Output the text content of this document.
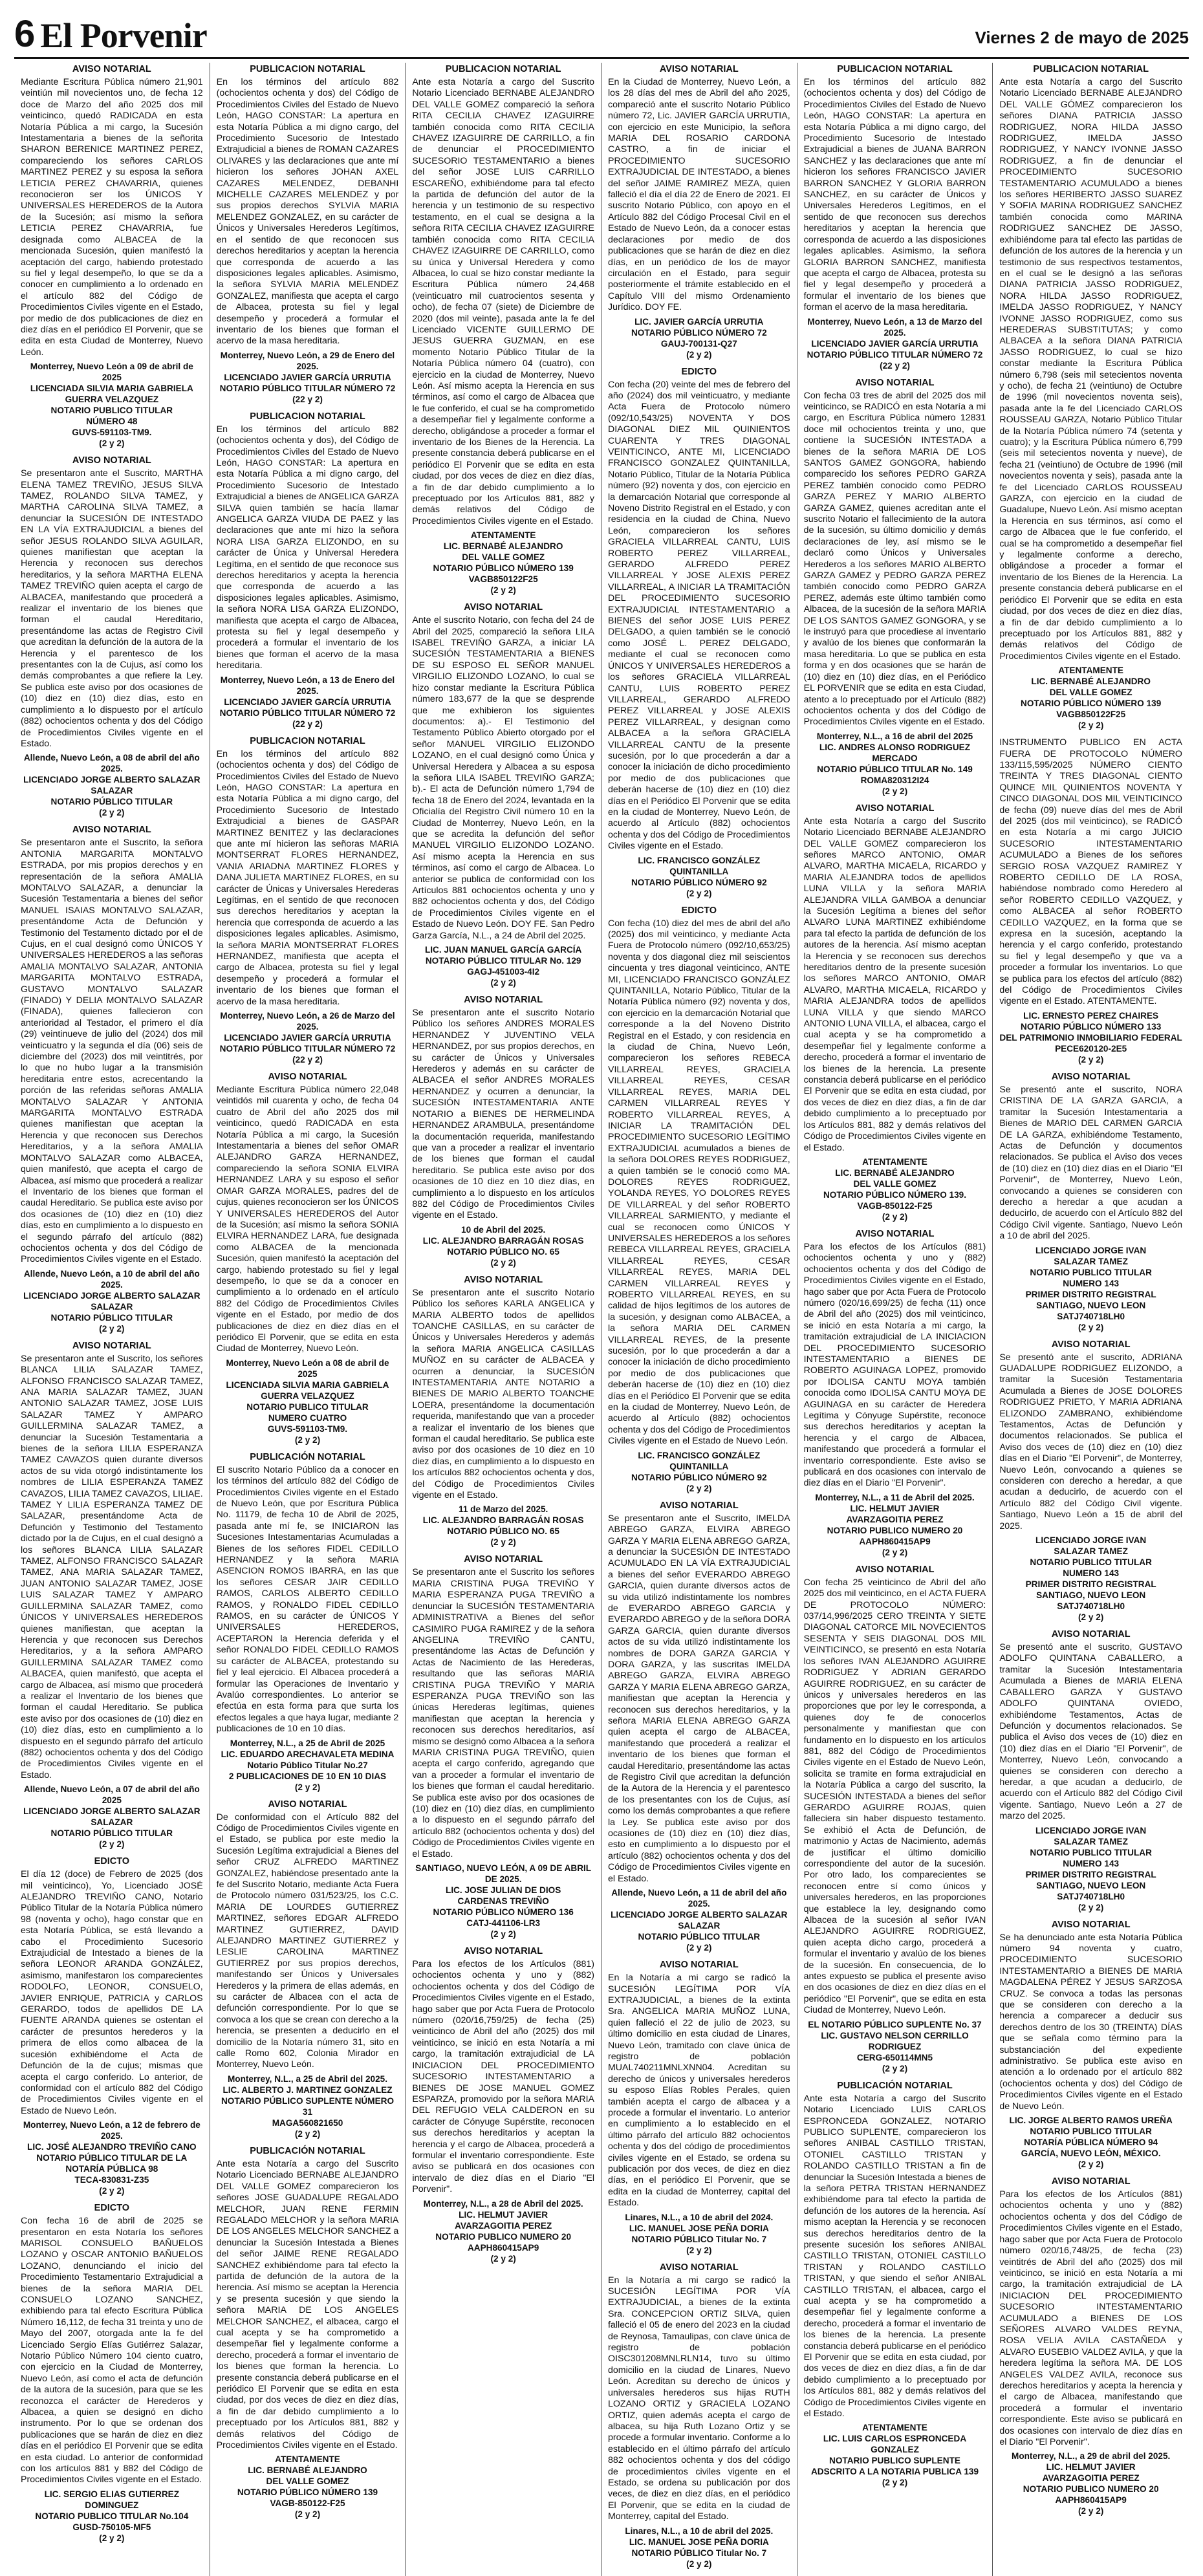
6 El Porvenir	Viernes 2 de mayo de 2025
AVISO NOTARIAL

Mediante Escritura Pública número 21,901 veintiún mil novecientos uno, de fecha 12 doce de Marzo del año 2025 dos mil veinticinco, quedó RADICADA en esta Notaría Pública a mi cargo, la Sucesión Intestamentaria a bienes de la señorita SHARON BERENICE MARTINEZ PEREZ, compareciendo los señores CARLOS MARTINEZ PEREZ y su esposa la señora LETICIA PEREZ CHAVARRIA, quienes reconocieron ser los ÚNICOS Y UNIVERSALES HEREDEROS de la Autora de la Sucesión; así mismo la señora LETICIA PEREZ CHAVARRIA, fue designada como ALBACEA de la mencionada Sucesión, quien manifestó la aceptación del cargo, habiendo protestado su fiel y legal desempeño, lo que se da a conocer en cumplimiento a lo ordenado en el artículo 882 del Código de Procedimientos Civiles vigente en el Estado, por medio de dos publicaciones de diez en diez días en el periódico El Porvenir, que se edita en esta Ciudad de Monterrey, Nuevo León.

Monterrey, Nuevo León a 09 de abril de 2025
LICENCIADA SILVIA MARIA GABRIELA
GUERRA VELAZQUEZ
NOTARIO PUBLICO TITULAR
NÚMERO 48
GUVS-591103-TM9.
(2 y 2)
AVISO NOTARIAL

Se presentaron ante el Suscrito, MARTHA ELENA TAMEZ TREVIÑO, JESUS SILVA TAMEZ, ROLANDO SILVA TAMEZ, y MARTHA CAROLINA SILVA TAMEZ, a denunciar la SUCESIÓN DE INTESTADO EN LA VÍA EXTRAJUDICIAL a bienes del señor JESUS ROLANDO SILVA AGUILAR, quienes manifiestan que aceptan la Herencia y reconocen sus derechos hereditarios, y la señora MARTHA ELENA TAMEZ TREVIÑO quien acepta el cargo de ALBACEA, manifestando que procederá a realizar el inventario de los bienes que forman el caudal Hereditario, presentándome las actas de Registro Civil que acreditan la defunción de la autora de la Herencia y el parentesco de los presentantes con la de Cujus, así como los demás comprobantes a que refiere la Ley. Se publica este aviso por dos ocasiones de (10) diez en (10) diez días, esto en cumplimiento a lo dispuesto por el artículo (882) ochocientos ochenta y dos del Código de Procedimientos Civiles vigente en el Estado.

Allende, Nuevo León, a 08 de abril del año 2025.
LICENCIADO JORGE ALBERTO SALAZAR
SALAZAR
NOTARIO PÚBLICO TITULAR
(2 y 2)
AVISO NOTARIAL

Se presentaron ante el Suscrito, la señora ANTONIA MARGARITA MONTALVO ESTRADA, por mis propios derechos y en representación de la señora AMALIA MONTALVO SALAZAR, a denunciar la Sucesión Testamentaria a bienes del señor MANUEL ISAIAS MONTALVO SALAZAR, presentándome Acta de Defunción y Testimonio del Testamento dictado por el de Cujus, en el cual designó como ÚNICOS Y UNIVERSALES HEREDEROS a las señoras AMALIA MONTALVO SALAZAR, ANTONIA MARGARITA MONTALVO ESTRADA, GUSTAVO MONTALVO SALAZAR (FINADO) Y DELIA MONTALVO SALAZAR (FINADA), quienes fallecieron con anterioridad al Testador, el primero el día (29) veintinueve de julio del (2024) dos mil veinticuatro y la segunda el día (06) seis de diciembre del (2023) dos mil veintitrés, por lo que no hubo lugar a la transmisión hereditaria entre estos, acrecentando la porción de las referidas señoras AMALIA MONTALVO SALAZAR Y ANTONIA MARGARITA MONTALVO ESTRADA quienes manifiestan que aceptan la Herencia y que reconocen sus Derechos Hereditarios, y a la señora AMALIA MONTALVO SALAZAR como ALBACEA, quien manifestó, que acepta el cargo de Albacea, así mismo que procederá a realizar el Inventario de los bienes que forman el caudal Hereditario. Se publica este aviso por dos ocasiones de (10) diez en (10) diez días, esto en cumplimiento a lo dispuesto en el segundo párrafo del artículo (882) ochocientos ochenta y dos del Código de Procedimientos Civiles vigente en el Estado.

Allende, Nuevo León, a 10 de abril del año 2025.
LICENCIADO JORGE ALBERTO SALAZAR
SALAZAR
NOTARIO PÚBLICO TITULAR
(2 y 2)
AVISO NOTARIAL

Se presentaron ante el Suscrito, los señores BLANCA LILIA SALAZAR TAMEZ, ALFONSO FRANCISCO SALAZAR TAMEZ, ANA MARIA SALAZAR TAMEZ, JUAN ANTONIO SALAZAR TAMEZ, JOSE LUIS SALAZAR TAMEZ Y AMPARO GUILLERMINA SALAZAR TAMEZ, a denunciar la Sucesión Testamentaria a bienes de la señora LILIA ESPERANZA TAMEZ CAVAZOS quien durante diversos actos de su vida otorgó indistintamente los nombres de LILIA ESPERANZA TAMEZ CAVAZOS, LILIA TAMEZ CAVAZOS, LILIAE. TAMEZ Y LILIA ESPERANZA TAMEZ DE SALAZAR, presentándome Acta de Defunción y Testimonio del Testamento dictado por la de Cujus, en el cual designó a los señores BLANCA LILIA SALAZAR TAMEZ, ALFONSO FRANCISCO SALAZAR TAMEZ, ANA MARIA SALAZAR TAMEZ, JUAN ANTONIO SALAZAR TAMEZ, JOSE LUIS SALAZAR TAMEZ Y AMPARO GUILLERMINA SALAZAR TAMEZ, como ÚNICOS Y UNIVERSALES HEREDEROS quienes manifiestan, que aceptan la Herencia y que reconocen sus Derechos Hereditarios, y a la señora AMPARO GUILLERMINA SALAZAR TAMEZ como ALBACEA, quien manifestó, que acepta el cargo de Albacea, así mismo que procederá a realizar el Inventario de los bienes que forman el caudal Hereditario. Se publica este aviso por dos ocasiones de (10) diez en (10) diez días, esto en cumplimiento a lo dispuesto en el segundo párrafo del artículo (882) ochocientos ochenta y dos del Código de Procedimientos Civiles vigente en el Estado.

Allende, Nuevo León, a 07 de abril del año 2025
LICENCIADO JORGE ALBERTO SALAZAR
SALAZAR
NOTARIO PÚBLICO TITULAR
(2 y 2)
EDICTO

El día 12 (doce) de Febrero de 2025 (dos mil veinticinco), Yo, Licenciado JOSÉ ALEJANDRO TREVIÑO CANO, Notario Público Titular de la Notaría Pública número 98 (noventa y ocho), hago constar que en esta Notaría Pública, se está llevando a cabo el Procedimiento Sucesorio Extrajudicial de Intestado a bienes de la señora LEONOR ARANDA GONZÁLEZ, asimismo, manifestaron los comparecientes RODOLFO, LEONOR, CONSUELO, JAVIER ENRIQUE, PATRICIA y CARLOS GERARDO, todos de apellidos DE LA FUENTE ARANDA quienes se ostentan el carácter de presuntos herederos y la primera de ellos como albacea de la sucesión exhibiéndome el Acta de Defunción de la de cujus; mismas que acepta el cargo conferido. Lo anterior, de conformidad con el artículo 882 del Código de Procedimientos Civiles vigente en el Estado de Nuevo León.

Monterrey, Nuevo León, a 12 de febrero de 2025.
LIC. JOSÉ ALEJANDRO TREVIÑO CANO
NOTARIO PÚBLICO TITULAR DE LA
NOTARÍA PÚBLICA 98
TECA-830831-Z35
(2 y 2)
EDICTO

Con fecha 16 de abril de 2025 se presentaron en esta Notaría los señores MARISOL CONSUELO BAÑUELOS LOZANO y OSCAR ANTONIO BAÑUELOS LOZANO, denunciando el inicio del Procedimiento Testamentario Extrajudicial a bienes de la señora MARIA DEL CONSUELO LOZANO SANCHEZ, exhibiendo para tal efecto Escritura Pública Número 16,112, de fecha 31 treinta y uno de Mayo del 2007, otorgada ante la fe del Licenciado Sergio Elías Gutiérrez Salazar, Notario Público Número 104 ciento cuatro, con ejercicio en la Ciudad de Monterrey, Nuevo León, así como el acta de defunción de la autora de la sucesión, para que se les reconozca el carácter de Herederos y Albacea, a quien se designó en dicho instrumento. Por lo que se ordenan dos publicaciones que se harán de diez en diez días en el periódico El Porvenir que se edita en esta ciudad. Lo anterior de conformidad con los artículos 881 y 882 del Código de Procedimientos Civiles vigente en el Estado.

LIC. SERGIO ELIAS GUTIERREZ
DOMINGUEZ
NOTARIO PUBLICO TITULAR No.104
GUSD-750105-MF5
(2 y 2)
PUBLICACION NOTARIAL

En los términos del artículo 882 (ochocientos ochenta y dos) del Código de Procedimientos Civiles del Estado de Nuevo León, HAGO CONSTAR: La apertura en esta Notaría Pública a mi digno cargo, del Procedimiento Sucesorio de Intestado Extrajudicial a bienes de ROMAN CAZARES OLIVARES y las declaraciones que ante mí hicieron los señores JOHAN AXEL CAZARES MELENDEZ, DEBANHI MICHELLE CAZARES MELENDEZ y por sus propios derechos SYLVIA MARIA MELENDEZ GONZALEZ, en su carácter de Únicos y Universales Herederos Legítimos, en el sentido de que reconocen sus derechos hereditarios y aceptan la herencia que corresponda de acuerdo a las disposiciones legales aplicables. Asimismo, la señora SYLVIA MARIA MELENDEZ GONZALEZ, manifiesta que acepta el cargo de Albacea, protesta su fiel y legal desempeño y procederá a formular el inventario de los bienes que forman el acervo de la masa hereditaria.

Monterrey, Nuevo León, a 29 de Enero del 2025.
LICENCIADO JAVIER GARCÍA URRUTIA
NOTARIO PÚBLICO TITULAR NÚMERO 72
(22 y 2)
PUBLICACION NOTARIAL

En los términos del artículo 882 (ochocientos ochenta y dos), del Código de Procedimientos Civiles del Estado de Nuevo León, HAGO CONSTAR: La apertura en esta Notaría Pública a mi digno cargo, del Procedimiento Sucesorio de Intestado Extrajudicial a bienes de ANGELICA GARZA SILVA quien también se hacía llamar ANGELICA GARZA VIUDA DE PAEZ y las declaraciones que ante mí hizo la señora NORA LISA GARZA ELIZONDO, en su carácter de Única y Universal Heredera Legítima, en el sentido de que reconoce sus derechos hereditarios y acepta la herencia que corresponda de acuerdo a las disposiciones legales aplicables. Asimismo, la señora NORA LISA GARZA ELIZONDO, manifiesta que acepta el cargo de Albacea, protesta su fiel y legal desempeño y procederá a formular el inventario de los bienes que forman el acervo de la masa hereditaria.

Monterrey, Nuevo León, a 13 de Enero del 2025.
LICENCIADO JAVIER GARCÍA URRUTIA
NOTARIO PÚBLICO TITULAR NÚMERO 72
(22 y 2)
PUBLICACION NOTARIAL

En los términos del artículo 882 (ochocientos ochenta y dos) del Código de Procedimientos Civiles del Estado de Nuevo León, HAGO CONSTAR: La apertura en esta Notaría Pública a mi digno cargo, del Procedimiento Sucesorio de Intestado Extrajudicial a bienes de GASPAR MARTINEZ BENITEZ y las declaraciones que ante mí hicieron las señoras MARIA MONTSERRAT FLORES HERNANDEZ, VANIA ARIADNA MARTINEZ FLORES y DANA JULIETA MARTINEZ FLORES, en su carácter de Únicas y Universales Herederas Legítimas, en el sentido de que reconocen sus derechos hereditarios y aceptan la herencia que corresponda de acuerdo a las disposiciones legales aplicables. Asimismo, la señora MARIA MONTSERRAT FLORES HERNANDEZ, manifiesta que acepta el cargo de Albacea, protesta su fiel y legal desempeño y procederá a formular el inventario de los bienes que forman el acervo de la masa hereditaria.

Monterrey, Nuevo León, a 26 de Marzo del 2025.
LICENCIADO JAVIER GARCÍA URRUTIA
NOTARIO PÚBLICO TITULAR NÚMERO 72
(22 y 2)
AVISO NOTARIAL

Mediante Escritura Pública número 22,048 veintidós mil cuarenta y ocho, de fecha 04 cuatro de Abril del año 2025 dos mil veinticinco, quedó RADICADA en esta Notaría Pública a mi cargo, la Sucesión Intestamentaria a bienes del señor OMAR ALEJANDRO GARZA HERNANDEZ, compareciendo la señora SONIA ELVIRA HERNANDEZ LARA y su esposo el señor OMAR GARZA MORALES, padres del de cujus, quienes reconocieron ser los ÚNICOS Y UNIVERSALES HEREDEROS del Autor de la Sucesión; así mismo la señora SONIA ELVIRA HERNANDEZ LARA, fue designada como ALBACEA de la mencionada Sucesión, quien manifestó la aceptación del cargo, habiendo protestado su fiel y legal desempeño, lo que se da a conocer en cumplimiento a lo ordenado en el artículo 882 del Código de Procedimientos Civiles vigente en el Estado, por medio de dos publicaciones de diez en diez días en el periódico El Porvenir, que se edita en esta Ciudad de Monterrey, Nuevo León.

Monterrey, Nuevo León a 08 de abril de 2025
LICENCIADA SILVIA MARIA GABRIELA
GUERRA VELAZQUEZ
NOTARIO PUBLICO TITULAR
NUMERO CUATRO
GUVS-591103-TM9.
(2 y 2)
PUBLICACIÓN NOTARIAL

El suscrito Notario Público da a conocer en los términos del artículo 882 del Código de Procedimientos Civiles vigente en el Estado de Nuevo León, que por Escritura Pública No. 11179, de fecha 10 de Abril de 2025, pasada ante mí fe, se INICIARON las Sucesiones Intestamentarias Acumuladas a Bienes de los señores FIDEL CEDILLO HERNANDEZ y la señora MARIA ASENCION ROMOS IBARRA, en las que los señores CESAR JAIR CEDILLO RAMOS, CARLOS ALBERTO CEDILLO RAMOS, y RONALDO FIDEL CEDILLO RAMOS, en su carácter de ÚNICOS Y UNIVERSALES HEREDEROS, ACEPTARON la Herencia deferida y el señor RONALDO FIDEL CEDILLO RAMOS su carácter de ALBACEA, protestando su fiel y leal ejercicio. El Albacea procederá a formular las Operaciones de Inventario y Avalúo correspondientes. Lo anterior se efectúa en esta forma para que surta los efectos legales a que haya lugar, mediante 2 publicaciones de 10 en 10 días.

Monterrey, N.L., a 25 de Abril de 2025
LIC. EDUARDO ARECHAVALETA MEDINA
Notario Público Titular No.27
2 PUBLICACIONES DE 10 EN 10 DIAS
(2 y 2)
AVISO NOTARIAL

De conformidad con el Artículo 882 del Código de Procedimientos Civiles vigente en el Estado, se publica por este medio la Sucesión Legítima extrajudicial a Bienes del señor CRUZ ALFREDO MARTINEZ GONZALEZ, habiéndose presentado ante la fe del Suscrito Notario, mediante Acta Fuera de Protocolo número 031/523/25, los C.C. MARIA DE LOURDES GUTIERREZ MARTINEZ, señores EDGAR ALFREDO MARTINEZ GUTIERREZ, DAVID ALEJANDRO MARTINEZ GUTIERREZ y LESLIE CAROLINA MARTINEZ GUTIERREZ por sus propios derechos, manifestando ser Únicos y Universales Herederos y la primera de ellas además, en su carácter de Albacea con el acta de defunción correspondiente. Por lo que se convoca a los que se crean con derecho a la herencia, se presenten a deducirlo en el domicilio de la Notaría número 31, sito en calle Romo 602, Colonia Mirador en Monterrey, Nuevo León.

Monterrey, N.L., a 25 de Abril del 2025.
LIC. ALBERTO J. MARTINEZ GONZALEZ
NOTARIO PÚBLICO SUPLENTE NÚMERO 31
MAGA560821650
(2 y 2)
PUBLICACIÓN NOTARIAL

Ante esta Notaría a cargo del Suscrito Notario Licenciado BERNABE ALEJANDRO DEL VALLE GOMEZ comparecieron los señores JOSE GUADALUPE REGALADO MELCHOR, JUAN RENE FERMIN REGALADO MELCHOR y la señora MARIA DE LOS ANGELES MELCHOR SANCHEZ a denunciar la Sucesión Intestada a Bienes del señor JAIME RENE REGALADO SANCHEZ exhibiéndome para tal efecto la partida de defunción de la autora de la herencia. Así mismo se aceptan la Herencia y se presenta sucesión y que siendo la señora MARIA DE LOS ANGELES MELCHOR SANCHEZ, el albacea, cargo el cual acepta y se ha comprometido a desempeñar fiel y legalmente conforme a derecho, procederá a formar el inventario de los bienes que forman la herencia. Lo presente constancia deberá publicarse en el periódico El Porvenir que se edita en esta ciudad, por dos veces de diez en diez días, a fin de dar debido cumplimiento a lo preceptuado por los Artículos 881, 882 y demás relativos del Código de Procedimientos Civiles vigente en el Estado.

ATENTAMENTE
LIC. BERNABÉ ALEJANDRO
DEL VALLE GOMEZ
NOTARIO PÚBLICO NÚMERO 139
VAGB-850122-F25
(2 y 2)
PUBLICACION NOTARIAL

Ante esta Notaría a cargo del Suscrito Notario Licenciado BERNABE ALEJANDRO DEL VALLE GOMEZ compareció la señora RITA CECILIA CHAVEZ IZAGUIRRE también conocida como RITA CECILIA CHAVEZ IZAGUIRRE DE CARRILLO, a fin de denunciar el PROCEDIMIENTO SUCESORIO TESTAMENTARIO a bienes del señor JOSE LUIS CARRILLO ESCAREÑO, exhibiéndome para tal efecto la partida de defunción del autor de la herencia y un testimonio de su respectivo testamento, en el cual se designa a la señora RITA CECILIA CHAVEZ IZAGUIRRE también conocida como RITA CECILIA CHAVEZ IZAGUIRRE DE CARRILLO, como su única y Universal Heredera y como Albacea, lo cual se hizo constar mediante la Escritura Pública número 24,468 (veinticuatro mil cuatrocientos sesenta y ocho), de fecha 07 (siete) de Diciembre de 2020 (dos mil veinte), pasada ante la fe del Licenciado VICENTE GUILLERMO DE JESUS GUERRA GUZMAN, en ese momento Notario Público Titular de la Notaría Pública número 04 (cuatro), con ejercicio en la ciudad de Monterrey, Nuevo León. Así mismo acepta la Herencia en sus términos, así como el cargo de Albacea que le fue conferido, el cual se ha comprometido a desempeñar fiel y legalmente conforme a derecho, obligándose a proceder a formar el inventario de los Bienes de la Herencia. La presente constancia deberá publicarse en el periódico El Porvenir que se edita en esta ciudad, por dos veces de diez en diez días, a fin de dar debido cumplimiento a lo preceptuado por los Artículos 881, 882 y demás relativos del Código de Procedimientos Civiles vigente en el Estado.

ATENTAMENTE
LIC. BERNABÉ ALEJANDRO
DEL VALLE GOMEZ
NOTARIO PÚBLICO NÚMERO 139
VAGB850122F25
(2 y 2)
AVISO NOTARIAL

Ante el suscrito Notario, con fecha del 24 de Abril del 2025, compareció la señora LILA ISABEL TREVIÑO GARZA, a iniciar LA SUCESIÓN TESTAMENTARIA a BIENES DE SU ESPOSO EL SEÑOR MANUEL VIRGILIO ELIZONDO LOZANO, lo cual se hizo constar mediante la Escritura Pública número 183,677 de la que se desprende que me exhibieron los siguientes documentos: a).- El Testimonio del Testamento Público Abierto otorgado por el señor MANUEL VIRGILIO ELIZONDO LOZANO, en el cual designó como Única y Universal Heredera y Albacea a su esposa la señora LILA ISABEL TREVIÑO GARZA; b).- El acta de Defunción número 1,794 de fecha 18 de Enero del 2024, levantada en la Oficialía del Registro Civil número 10 en la Ciudad de Monterrey, Nuevo León, en la que se acredita la defunción del señor MANUEL VIRGILIO ELIZONDO LOZANO. Así mismo acepta la Herencia en sus términos, así como el cargo de Albacea. Lo anterior se publica de conformidad con los Artículos 881 ochocientos ochenta y uno y 882 ochocientos ochenta y dos, del Código de Procedimientos Civiles vigente en el Estado de Nuevo León. DOY FE. San Pedro Garza García, N.L., a 24 de Abril del 2025.

LIC. JUAN MANUEL GARCÍA GARCÍA
NOTARIO PÚBLICO TITULAR No. 129
GAGJ-451003-4I2
(2 y 2)
AVISO NOTARIAL

Se presentaron ante el suscrito Notario Público los señores ANDRES MORALES HERNANDEZ Y JUVENTINO VELA HERNANDEZ, por sus propios derechos, en su carácter de Únicos y Universales Herederos y además en su carácter de ALBACEA el señor ANDRES MORALES HERNANDEZ y ocurren a denunciar, la SUCESIÓN INTESTAMENTARIA ANTE NOTARIO a BIENES DE HERMELINDA HERNANDEZ ARAMBULA, presentándome la documentación requerida, manifestando que van a proceder a realizar el inventario de los bienes que forman el caudal hereditario. Se publica este aviso por dos ocasiones de 10 diez en 10 diez días, en cumplimiento a lo dispuesto en los artículos 882 del Código de Procedimientos Civiles vigente en el Estado.

10 de Abril del 2025.
LIC. ALEJANDRO BARRAGÁN ROSAS
NOTARIO PÚBLICO NO. 65
(2 y 2)
AVISO NOTARIAL

Se presentaron ante el suscrito Notario Público los señores KARLA ANGELICA y MARIA ALBERTO todos de apellidos TOANCHE CASILLAS, en su carácter de Únicos y Universales Herederos y además la señora MARIA ANGELICA CASILLAS MUÑOZ en su carácter de ALBACEA y ocurren a denunciar, la SUCESIÓN INTESTAMENTARIA ANTE NOTARIO a BIENES DE MARIO ALBERTO TOANCHE LOERA, presentándome la documentación requerida, manifestando que van a proceder a realizar el inventario de los bienes que forman el caudal hereditario. Se publica este aviso por dos ocasiones de 10 diez en 10 diez días, en cumplimiento a lo dispuesto en los artículos 882 ochocientos ochenta y dos, del Código de Procedimientos Civiles vigente en el Estado.

11 de Marzo del 2025.
LIC. ALEJANDRO BARRAGÁN ROSAS
NOTARIO PÚBLICO NO. 65
(2 y 2)
AVISO NOTARIAL

Se presentaron ante el Suscrito los señores MARIA CRISTINA PUGA TREVIÑO Y MARIA ESPERANZA PUGA TREVIÑO a denunciar la SUCESIÓN TESTAMENTARIA ADMINISTRATIVA a Bienes del señor CASIMIRO PUGA RAMIREZ y de la señora ANGELINA TREVIÑO CANTU, presentándome las Actas de Defunción y Actas de Nacimiento de las Herederas, resultando que las señoras MARIA CRISTINA PUGA TREVIÑO Y MARIA ESPERANZA PUGA TREVIÑO son las únicas Herederas legítimas, quienes manifiestan que aceptan la herencia y reconocen sus derechos hereditarios, así mismo se designó como Albacea a la señora MARIA CRISTINA PUGA TREVIÑO, quien acepta el cargo conferido, agregando que van a proceder a formular el inventario de los bienes que forman el caudal hereditario. Se publica este aviso por dos ocasiones de (10) diez en (10) diez días, en cumplimiento a lo dispuesto en el segundo párrafo del artículo 882 (ochocientos ochenta y dos) del Código de Procedimientos Civiles vigente en el Estado.

SANTIAGO, NUEVO LEÓN, A 09 DE ABRIL DE 2025.
LIC. JOSE JULIAN DE DIOS
CARDENAS TREVIÑO
NOTARIO PÚBLICO NÚMERO 136
CATJ-441106-LR3
(2 y 2)
AVISO NOTARIAL

Para los efectos de los Artículos (881) ochocientos ochenta y uno y (882) ochocientos ochenta y dos del Código de Procedimientos Civiles vigente en el Estado, hago saber que por Acta Fuera de Protocolo número (020/16,759/25) de fecha (25) veinticinco de Abril del año (2025) dos mil veinticinco, se inició en esta Notaría a mi cargo, la tramitación extrajudicial de LA INICIACION DEL PROCEDIMIENTO SUCESORIO INTESTAMENTARIO a BIENES DE JOSE MANUEL GOMEZ ESPARZA, promovido por la señora MARIA DEL REFUGIO VELA CALDERON en su carácter de Cónyuge Supérstite, reconocen sus derechos hereditarios y aceptan la herencia y el cargo de Albacea, procederá a formular el inventario correspondiente. Este aviso se publicará en dos ocasiones con intervalo de diez días en el Diario "El Porvenir".

Monterrey, N.L., a 28 de Abril del 2025.
LIC. HELMUT JAVIER
AVARZAGOITIA PEREZ
NOTARIO PUBLICO NUMERO 20
AAPH860415AP9
(2 y 2)
AVISO NOTARIAL

En la Ciudad de Monterrey, Nuevo León, a los 28 días del mes de Abril del año 2025, compareció ante el suscrito Notario Público número 72, Lic. JAVIER GARCÍA URRUTIA, con ejercicio en este Municipio, la señora MARIA DEL ROSARIO CARDONA CASTRO, a fin de iniciar el PROCEDIMIENTO SUCESORIO EXTRAJUDICIAL DE INTESTADO, a bienes del señor JAIME RAMIREZ MEZA, quien falleció el día el día 22 de Enero de 2021. El suscrito Notario Público, con apoyo en el Artículo 882 del Código Procesal Civil en el Estado de Nuevo León, da a conocer estas declaraciones por medio de dos publicaciones que se harán de diez en diez días, en un periódico de los de mayor circulación en el Estado, para seguir posteriormente el trámite establecido en el Capítulo VIII del mismo Ordenamiento Jurídico. DOY FE.

LIC. JAVIER GARCÍA URRUTIA
NOTARIO PÚBLICO NÚMERO 72
GAUJ-700131-Q27
(2 y 2)
EDICTO

Con fecha (20) veinte del mes de febrero del año (2024) dos mil veinticuatro, y mediante Acta Fuera de Protocolo número (092/10,543/25) NOVENTA Y DOS DIAGONAL DIEZ MIL QUINIENTOS CUARENTA Y TRES DIAGONAL VEINTICINCO, ANTE MI, LICENCIADO FRANCISCO GONZALEZ QUINTANILLA, Notario Público, Titular de la Notaría Pública número (92) noventa y dos, con ejercicio en la demarcación Notarial que corresponde al Noveno Distrito Registral en el Estado, y con residencia en la ciudad de China, Nuevo León, comparecieron los señores GRACIELA VILLARREAL CANTU, LUIS ROBERTO PEREZ VILLARREAL, GERARDO ALFREDO PEREZ VILLARREAL Y JOSE ALEXIS PEREZ VILLARREAL, A INICIAR LA TRAMITACIÓN DEL PROCEDIMIENTO SUCESORIO EXTRAJUDICIAL INTESTAMENTARIO a BIENES del señor JOSE LUIS PEREZ DELGADO, a quien también se le conoció como JOSÉ L. PEREZ DELGADO, mediante el cual se reconocen como ÚNICOS Y UNIVERSALES HEREDEROS a los señores GRACIELA VILLARREAL CANTU, LUIS ROBERTO PEREZ VILLARREAL, GERARDO ALFREDO PEREZ VILLARREAL y JOSE ALEXIS PEREZ VILLARREAL, y designan como ALBACEA a la señora GRACIELA VILLARREAL CANTU de la presente sucesión, por lo que procederán a dar a conocer la iniciación de dicho procedimiento por medio de dos publicaciones que deberán hacerse de (10) diez en (10) diez días en el Periódico El Porvenir que se edita en la ciudad de Monterrey, Nuevo León, de acuerdo al Artículo (882) ochocientos ochenta y dos del Código de Procedimientos Civiles vigente en el Estado.

LIC. FRANCISCO GONZÁLEZ
QUINTANILLA
NOTARIO PÚBLICO NÚMERO 92
(2 y 2)
EDICTO

Con fecha (10) diez del mes de abril del año (2025) dos mil veinticinco, y mediante Acta Fuera de Protocolo número (092/10,653/25) noventa y dos diagonal diez mil seiscientos cincuenta y tres diagonal veinticinco, ANTE MI, LICENCIADO FRANCISCO GONZÁLEZ QUINTANILLA, Notario Público, Titular de la Notaría Pública número (92) noventa y dos, con ejercicio en la demarcación Notarial que corresponde a la del Noveno Distrito Registral en el Estado, y con residencia en la ciudad de China, Nuevo León, comparecieron los señores REBECA VILLARREAL REYES, GRACIELA VILLARREAL REYES, CESAR VILLARREAL REYES, MARIA DEL CARMEN VILLARREAL REYES Y ROBERTO VILLARREAL REYES, A INICIAR LA TRAMITACIÓN DEL PROCEDIMIENTO SUCESORIO LEGÍTIMO EXTRAJUDICIAL acumulados a bienes de la señora DOLORES REYES RODRIGUEZ, a quien también se le conoció como MA. DOLORES REYES RODRIGUEZ, YOLANDA REYES, YO DOLORES REYES DE VILLARREAL y del señor ROBERTO VILLARREAL SARMIENTO, y mediante el cual se reconocen como ÚNICOS Y UNIVERSALES HEREDEROS a los señores REBECA VILLARREAL REYES, GRACIELA VILLARREAL REYES, CESAR VILLARREAL REYES, MARIA DEL CARMEN VILLARREAL REYES y ROBERTO VILLARREAL REYES, en su calidad de hijos legítimos de los autores de la sucesión, y designan como ALBACEA, a la señora MARIA DEL CARMEN VILLARREAL REYES, de la presente sucesión, por lo que procederán a dar a conocer la iniciación de dicho procedimiento por medio de dos publicaciones que deberán hacerse de (10) diez en (10) diez días en el Periódico El Porvenir que se edita en la ciudad de Monterrey, Nuevo León, de acuerdo al Artículo (882) ochocientos ochenta y dos del Código de Procedimientos Civiles vigente en el Estado de Nuevo León.

LIC. FRANCISCO GONZÁLEZ
QUINTANILLA
NOTARIO PÚBLICO NÚMERO 92
(2 y 2)
AVISO NOTARIAL

Se presentaron ante el Suscrito, IMELDA ABREGO GARZA, ELVIRA ABREGO GARZA Y MARIA ELENA ABREGO GARZA, a denunciar la SUCESIÓN DE INTESTADO ACUMULADO EN LA VÍA EXTRAJUDICIAL a bienes del señor EVERARDO ABREGO GARCIA, quien durante diversos actos de su vida utilizó indistintamente los nombres de EVERARDO ABREGO GARCIA y EVERARDO ABREGO y de la señora DORA GARZA GARCIA, quien durante diversos actos de su vida utilizó indistintamente los nombres de DORA GARZA GARCIA Y DORA GARZA, y las suscritas IMELDA ABREGO GARZA, ELVIRA ABREGO GARZA Y MARIA ELENA ABREGO GARZA, manifiestan que aceptan la Herencia y reconocen sus derechos hereditarios, y la señora MARIA ELENA ABREGO GARZA quien acepta el cargo de ALBACEA, manifestando que procederá a realizar el inventario de los bienes que forman el caudal Hereditario, presentándome las actas de Registro Civil que acreditan la defunción de la Autora de la Herencia y el parentesco de los presentantes con los de Cujus, así como los demás comprobantes a que refiere la Ley. Se publica este aviso por dos ocasiones de (10) diez en (10) diez días, esto en cumplimiento a lo dispuesto por el artículo (882) ochocientos ochenta y dos del Código de Procedimientos Civiles vigente en el Estado.

Allende, Nuevo León, a 11 de abril del año 2025.
LICENCIADO JORGE ALBERTO SALAZAR
SALAZAR
NOTARIO PÚBLICO TITULAR
(2 y 2)
AVISO NOTARIAL

En la Notaría a mi cargo se radicó la SUCESIÓN LEGÍTIMA POR VÍA EXTRAJUDICIAL, a bienes de la extinta Sra. ANGELICA MARIA MUÑOZ LUNA, quien falleció el 22 de julio de 2023, su último domicilio en esta ciudad de Linares, Nuevo León, tramitado con clave única de registro de población MUAL740211MNLXNN04. Acreditan su derecho de únicos y universales herederos su esposo Elías Robles Perales, quien también acepta el cargo de albacea y a procede a formular el inventario. Lo anterior en cumplimiento a lo establecido en el último párrafo del artículo 882 ochocientos ochenta y dos del código de procedimientos civiles vigente en el Estado, se ordena su publicación por dos veces, de diez en diez días, en el periódico El Porvenir, que se edita en la ciudad de Monterrey, capital del Estado.

Linares, N.L., a 10 de abril del 2024.
LIC. MANUEL JOSE PEÑA DORIA
NOTARIO PÚBLICO Titular No. 7
(2 y 2)
AVISO NOTARIAL

En la Notaría a mi cargo se radicó la SUCESIÓN LEGÍTIMA POR VÍA EXTRAJUDICIAL, a bienes de la extinta Sra. CONCEPCION ORTIZ SILVA, quien falleció el 05 de enero del 2023 en la ciudad de Reynosa, Tamaulipas, con clave única de registro de población OISC301208MNLRLN14, tuvo su último domicilio en la ciudad de Linares, Nuevo León. Acreditan su derecho de únicos y universales herederos sus hijas RUTH LOZANO ORTIZ y GRACIELA LOZANO ORTIZ, quien además acepta el cargo de albacea, su hija Ruth Lozano Ortiz y se procede a formular inventario. Conforme a lo establecido en el último párrafo del artículo 882 ochocientos ochenta y dos del código de procedimientos civiles vigente en el Estado, se ordena su publicación por dos veces, de diez en diez días, en el periódico El Porvenir, que se edita en la ciudad de Monterrey, capital del Estado.

Linares, N.L., a 10 de abril del 2025.
LIC. MANUEL JOSE PEÑA DORIA
NOTARIO PÚBLICO Titular No. 7
(2 y 2)
PUBLICACION NOTARIAL

En los términos del artículo 882 (ochocientos ochenta y dos) del Código de Procedimientos Civiles del Estado de Nuevo León, HAGO CONSTAR: La apertura en esta Notaría Pública a mi digno cargo, del Procedimiento Sucesorio de Intestado Extrajudicial a bienes de JUANA BARRON SANCHEZ y las declaraciones que ante mí hicieron los señores FRANCISCO JAVIER BARRON SANCHEZ Y GLORIA BARRON SANCHEZ, en su carácter de Únicos y Universales Herederos Legítimos, en el sentido de que reconocen sus derechos hereditarios y aceptan la herencia que corresponda de acuerdo a las disposiciones legales aplicables. Asimismo, la señora GLORIA BARRON SANCHEZ, manifiesta que acepta el cargo de Albacea, protesta su fiel y legal desempeño y procederá a formular el inventario de los bienes que forman el acervo de la masa hereditaria.

Monterrey, Nuevo León, a 13 de Marzo del 2025.
LICENCIADO JAVIER GARCÍA URRUTIA
NOTARIO PÚBLICO TITULAR NÚMERO 72
(22 y 2)
AVISO NOTARIAL

Con fecha 03 tres de abril del 2025 dos mil veinticinco, se RADICÓ en esta Notaría a mi cargo, en Escritura Pública número 12831 doce mil ochocientos treinta y uno, que contiene la SUCESIÓN INTESTADA a bienes de la señora MARIA DE LOS SANTOS GAMEZ GONGORA, habiendo comparecido los señores PEDRO GARZA PEREZ también conocido como PEDRO GARZA PEREZ Y MARIO ALBERTO GARZA GAMEZ, quienes acreditan ante el suscrito Notario el fallecimiento de la autora de la sucesión, su último domicilio y demás declaraciones de ley, así mismo se le declaró como Únicos y Universales Herederos a los señores MARIO ALBERTO GARZA GAMEZ y PEDRO GARZA PEREZ también conocido como PEDRO GARZA PEREZ, además este último también como Albacea, de la sucesión de la señora MARIA DE LOS SANTOS GAMEZ GONGORA, y se le instruyó para que procediese al inventario y avalúo de los bienes que conformarán la masa hereditaria. Lo que se publica en esta forma y en dos ocasiones que se harán de (10) diez en (10) diez días, en el Periódico EL PORVENIR que se edita en esta Ciudad, atento a lo preceptuado por el Artículo (882) ochocientos ochenta y dos del Código de Procedimientos Civiles vigente en el Estado.

Monterrey, N.L., a 16 de abril del 2025
LIC. ANDRES ALONSO RODRIGUEZ
MERCADO
NOTARIO PÚBLICO TITULAR No. 149
ROMA820312I24
(2 y 2)
AVISO NOTARIAL

Ante esta Notaría a cargo del Suscrito Notario Licenciado BERNABE ALEJANDRO DEL VALLE GOMEZ comparecieron los señores MARCO ANTONIO, OMAR ALVARO, MARTHA MICAELA, RICARDO y MARIA ALEJANDRA todos de apellidos LUNA VILLA y la señora MARIA ALEJANDRA VILLA GAMBOA a denunciar la Sucesión Legítima a bienes del señor ALVARO LUNA MARTINEZ exhibiéndome para tal efecto la partida de defunción de los autores de la herencia. Así mismo aceptan la Herencia y se reconocen sus derechos hereditarios dentro de la presente sucesión los señores MARCO ANTONIO, OMAR ALVARO, MARTHA MICAELA, RICARDO y MARIA ALEJANDRA todos de apellidos LUNA VILLA y que siendo MARCO ANTONIO LUNA VILLA, el albacea, cargo el cual acepta y se ha comprometido a desempeñar fiel y legalmente conforme a derecho, procederá a formar el inventario de los bienes de la herencia. La presente constancia deberá publicarse en el periódico El Porvenir que se edita en esta ciudad, por dos veces de diez en diez días, a fin de dar debido cumplimiento a lo preceptuado por los Artículos 881, 882 y demás relativos del Código de Procedimientos Civiles vigente en el Estado.

ATENTAMENTE
LIC. BERNABÉ ALEJANDRO
DEL VALLE GOMEZ
NOTARIO PÚBLICO NÚMERO 139.
VAGB-850122-F25
(2 y 2)
AVISO NOTARIAL

Para los efectos de los Artículos (881) ochocientos ochenta y uno y (882) ochocientos ochenta y dos del Código de Procedimientos Civiles vigente en el Estado, hago saber que por Acta Fuera de Protocolo número (020/16,699/25) de fecha (11) once de Abril del año (2025) dos mil veinticinco, se inició en esta Notaría a mi cargo, la tramitación extrajudicial de LA INICIACION DEL PROCEDIMIENTO SUCESORIO INTESTAMENTARIO a BIENES DE ROBERTO AGUINAGA LOPEZ, promovido por IDOLISA CANTU MOYA también conocida como IDOLISA CANTU MOYA DE AGUINAGA en su carácter de Heredera Legítima y Cónyuge Supérstite, reconoce sus derechos hereditarios y aceptan la herencia y el cargo de Albacea, manifestando que procederá a formular el inventario correspondiente. Este aviso se publicará en dos ocasiones con intervalo de diez días en el Diario "El Porvenir".

Monterrey, N.L., a 11 de Abril del 2025.
LIC. HELMUT JAVIER
AVARZAGOITIA PEREZ
NOTARIO PUBLICO NUMERO 20
AAPH860415AP9
(2 y 2)
AVISO NOTARIAL

Con fecha 25 veinticinco de Abril del año 2025 dos mil veinticinco, en el ACTA FUERA DE PROTOCOLO NÚMERO: 037/14,996/2025 CERO TREINTA Y SIETE DIAGONAL CATORCE MIL NOVECIENTOS SESENTA Y SEIS DIAGONAL DOS MIL VEINTICINCO, se presentó en esta Notaría los señores IVAN ALEJANDRO AGUIRRE RODRIGUEZ Y ADRIAN GERARDO AGUIRRE RODRIGUEZ, en su carácter de únicos y universales herederos en las proporciones que por ley le corresponda, a quienes doy fe de conocerlos personalmente y manifiestan que con fundamento en lo dispuesto en los artículos 881, 882 del Código de Procedimientos Civiles vigente en el Estado de Nuevo León, solicita se tramite en forma extrajudicial en la Notaría Pública a cargo del suscrito, la SUCESIÓN INTESTADA a bienes del señor GERARDO AGUIRRE ROJAS, quien falleciera sin haber dispuesto testamento. Se exhibió el Acta de Defunción, de matrimonio y Actas de Nacimiento, además de justificar el último domicilio correspondiente del autor de la sucesión. Por otro lado, los comparecientes se reconocen entre sí como únicos y universales herederos, en las proporciones que establece la ley, designando como Albacea de la sucesión al señor IVAN ALEJANDRO AGUIRRE RODRIGUEZ, quien acepta dicho cargo, procederá a formular el inventario y avalúo de los bienes de la sucesión. En consecuencia, de lo antes expuesto se publica el presente aviso en dos ocasiones de diez en diez días en el periódico "El Porvenir", que se edita en esta Ciudad de Monterrey, Nuevo León.

EL NOTARIO PÚBLICO SUPLENTE No. 37
LIC. GUSTAVO NELSON CERRILLO
RODRIGUEZ
CERG-650114MN5
(2 y 2)
PUBLICACIÓN NOTARIAL

Ante esta Notaría a cargo del Suscrito Notario Licenciado LUIS CARLOS ESPRONCEDA GONZALEZ, NOTARIO PUBLICO SUPLENTE, comparecieron los señores ANIBAL CASTILLO TRISTAN, OTONIEL CASTILLO TRISTAN y ROLANDO CASTILLO TRISTAN a fin de denunciar la Sucesión Intestada a bienes de la señora PETRA TRISTAN HERNANDEZ exhibiéndome para tal efecto la partida de defunción de los autores de la herencia. Así mismo aceptan la Herencia y se reconocen sus derechos hereditarios dentro de la presente sucesión los señores ANIBAL CASTILLO TRISTAN, OTONIEL CASTILLO TRISTAN y ROLANDO CASTILLO TRISTAN, y que siendo el señor ANIBAL CASTILLO TRISTAN, el albacea, cargo el cual acepta y se ha comprometido a desempeñar fiel y legalmente conforme a derecho, procederá a formar el inventario de los bienes de la herencia. La presente constancia deberá publicarse en el periódico El Porvenir que se edita en esta ciudad, por dos veces de diez en diez días, a fin de dar debido cumplimiento a lo preceptuado por los Artículos 881, 882 y demás relativos del Código de Procedimientos Civiles vigente en el Estado.

ATENTAMENTE
LIC. LUIS CARLOS ESPRONCEDA
GONZALEZ
NOTARIO PUBLICO SUPLENTE
ADSCRITO A LA NOTARIA PUBLICA 139
(2 y 2)
PUBLICACION NOTARIAL

Ante esta Notaría a cargo del Suscrito Notario Licenciado BERNABE ALEJANDRO DEL VALLE GÓMEZ comparecieron los señores DIANA PATRICIA JASSO RODRIGUEZ, NORA HILDA JASSO RODRIGUEZ, IMELDA JASSO RODRIGUEZ, Y NANCY IVONNE JASSO RODRIGUEZ, a fin de denunciar el PROCEDIMIENTO SUCESORIO TESTAMENTARIO ACUMULADO a bienes los señores HERIBERTO JASSO SUAREZ Y SOFIA MARINA RODRIGUEZ SANCHEZ también conocida como MARINA RODRIGUEZ SANCHEZ DE JASSO, exhibiéndome para tal efecto las partidas de defunción de los autores de la herencia y un testimonio de sus respectivos testamentos, en el cual se le designó a las señoras DIANA PATRICIA JASSO RODRIGUEZ, NORA HILDA JASSO RODRIGUEZ, IMELDA JASSO RODRIGUEZ, Y NANCY IVONNE JASSO RODRIGUEZ, como sus HEREDERAS SUBSTITUTAS; y como ALBACEA a la señora DIANA PATRICIA JASSO RODRIGUEZ, lo cual se hizo constar mediante la Escritura Pública número 6,798 (seis mil setecientos noventa y ocho), de fecha 21 (veintiuno) de Octubre de 1996 (mil novecientos noventa seis), pasada ante la fe del Licenciado CARLOS ROUSSEAU GARZA, Notario Público Titular de la Notaría Pública número 74 (setenta y cuatro); y la Escritura Pública número 6,799 (seis mil setecientos noventa y nueve), de fecha 21 (veintiuno) de Octubre de 1996 (mil novecientos noventa y seis), pasada ante la fe del Licenciado CARLOS ROUSSEAU GARZA, con ejercicio en la ciudad de Guadalupe, Nuevo León. Así mismo aceptan la Herencia en sus términos, así como el cargo de Albacea que le fue conferido, el cual se ha comprometido a desempeñar fiel y legalmente conforme a derecho, obligándose a proceder a formar el inventario de los Bienes de la Herencia. La presente constancia deberá publicarse en el periódico El Porvenir que se edita en esta ciudad, por dos veces de diez en diez días, a fin de dar debido cumplimiento a lo preceptuado por los Artículos 881, 882 y demás relativos del Código de Procedimientos Civiles vigente en el Estado.

ATENTAMENTE
LIC. BERNABÉ ALEJANDRO
DEL VALLE GOMEZ
NOTARIO PÚBLICO NÚMERO 139
VAGB850122F25
(2 y 2)

INSTRUMENTO PUBLICO EN ACTA FUERA DE PROTOCOLO NÚMERO 133/115,595/2025 NÚMERO CIENTO TREINTA Y TRES DIAGONAL CIENTO QUINCE MIL QUINIENTOS NOVENTA Y CINCO DIAGONAL DOS MIL VEINTICINCO de fecha (09) nueve días del mes de Abril del 2025 (dos mil veinticinco), se RADICÓ en esta Notaría a mi cargo JUICIO SUCESORIO INTESTAMENTARIO ACUMULADO a Bienes de los señores SERGIO ROSA VAZQUEZ RAMIREZ Y ROBERTO CEDILLO DE LA ROSA, habiéndose nombrado como Heredero al señor ROBERTO CEDILLO VAZQUEZ, y como ALBACEA al señor ROBERTO CEDILLO VAZQUEZ, en la forma que se expresa en la sucesión, aceptando la herencia y el cargo conferido, protestando su fiel y legal desempeño y que va a proceder a formular los inventarios. Lo que se publica para los efectos del artículo (882) del Código de Procedimientos Civiles vigente en el Estado. ATENTAMENTE.

LIC. ERNESTO PEREZ CHAIRES
NOTARIO PÚBLICO NÚMERO 133
DEL PATRIMONIO INMOBILIARIO FEDERAL
PECE620120-2E5
(2 y 2)
AVISO NOTARIAL

Se presentó ante el suscrito, NORA CRISTINA DE LA GARZA GARCIA, a tramitar la Sucesión Intestamentaria a Bienes de MARIO DEL CARMEN GARCIA DE LA GARZA, exhibiéndome Testamento, Actas de Defunción y documentos relacionados. Se publica el Aviso dos veces de (10) diez en (10) diez días en el Diario "El Porvenir", de Monterrey, Nuevo León, convocando a quienes se consideren con derecho a heredar a que acudan a deducirlo, de acuerdo con el Artículo 882 del Código Civil vigente. Santiago, Nuevo León a 10 de abril del 2025.

LICENCIADO JORGE IVAN
SALAZAR TAMEZ
NOTARIO PUBLICO TITULAR
NUMERO 143
PRIMER DISTRITO REGISTRAL
SANTIAGO, NUEVO LEON
SATJ740718LH0
(2 y 2)
AVISO NOTARIAL

Se presentó ante el suscrito, ADRIANA GUADALUPE RODRIGUEZ ELIZONDO, a tramitar la Sucesión Testamentaria Acumulada a Bienes de JOSE DOLORES RODRIGUEZ PRIETO, Y MARIA ADRIANA ELIZONDO ZAMBRANO, exhibiéndome Testamentos, Actas de Defunción y documentos relacionados. Se publica el Aviso dos veces de (10) diez en (10) diez días en el Diario "El Porvenir", de Monterrey, Nuevo León, convocando a quienes se consideren con derecho a heredar, a que acudan a deducirlo, de acuerdo con el Artículo 882 del Código Civil vigente. Santiago, Nuevo León a 15 de abril del 2025.

LICENCIADO JORGE IVAN
SALAZAR TAMEZ
NOTARIO PUBLICO TITULAR
NUMERO 143
PRIMER DISTRITO REGISTRAL
SANTIAGO, NUEVO LEON
SATJ740718LH0
(2 y 2)
AVISO NOTARIAL

Se presentó ante el suscrito, GUSTAVO ADOLFO QUINTANA CABALLERO, a tramitar la Sucesión Intestamentaria Acumulada a Bienes de MARIA ELENA CABALLERO GARZA Y GUSTAVO ADOLFO QUINTANA OVIEDO, exhibiéndome Testamentos, Actas de Defunción y documentos relacionados. Se publica el Aviso dos veces de (10) diez en (10) diez días en el Diario "El Porvenir", de Monterrey, Nuevo León, convocando a quienes se consideren con derecho a heredar, a que acudan a deducirlo, de acuerdo con el Artículo 882 del Código Civil vigente. Santiago, Nuevo León a 27 de marzo del 2025.

LICENCIADO JORGE IVAN
SALAZAR TAMEZ
NOTARIO PUBLICO TITULAR
NUMERO 143
PRIMER DISTRITO REGISTRAL
SANTIAGO, NUEVO LEON
SATJ740718LH0
(2 y 2)
AVISO NOTARIAL

Se ha denunciado ante esta Notaría Pública número 94 noventa y cuatro, PROCEDIMIENTO SUCESORIO INTESTAMENTARIO a BIENES DE MARIA MAGDALENA PÉREZ Y JESUS SARZOSA CRUZ. Se convoca a todas las personas que se consideren con derecho a la herencia a comparecer a deducir sus derechos dentro de los 30 (TREINTA) DÍAS que se señala como término para la substanciación del expediente administrativo. Se publica este aviso en atención a lo ordenado por el artículo 882 (ochocientos ochenta y dos) del Código de Procedimientos Civiles vigente en el Estado de Nuevo León.

LIC. JORGE ALBERTO RAMOS UREÑA
NOTARIO PUBLICO TITULAR
NOTARÍA PÚBLICA NÚMERO 94
GARCÍA, NUEVO LEÓN, MÉXICO.
(2 y 2)
AVISO NOTARIAL

Para los efectos de los Artículos (881) ochocientos ochenta y uno y (882) ochocientos ochenta y dos del Código de Procedimientos Civiles vigente en el Estado, hago saber que por Acta Fuera de Protocolo número 020/16,748/25, de fecha (23) veintitrés de Abril del año (2025) dos mil veinticinco, se inició en esta Notaría a mi cargo, la tramitación extrajudicial de LA INICIACION DEL PROCEDIMIENTO SUCESORIO INTESTAMENTARIO ACUMULADO a BIENES DE LOS SEÑORES ALVARO VALDES REYNA, ROSA VELIA AVILA CASTAÑEDA y ALVARO EUSEBIO VALDEZ AVILA, y que la heredera legítima la señora MA. DE LOS ANGELES VALDEZ AVILA, reconoce sus derechos hereditarios y acepta la herencia y el cargo de Albacea, manifestando que procederá a formular el inventario correspondiente. Este aviso se publicará en dos ocasiones con intervalo de diez días en el Diario "El Porvenir".

Monterrey, N.L., a 29 de abril del 2025.
LIC. HELMUT JAVIER
AVARZAGOITIA PEREZ
NOTARIO PUBLICO NUMERO 20
AAPH860415AP9
(2 y 2)
